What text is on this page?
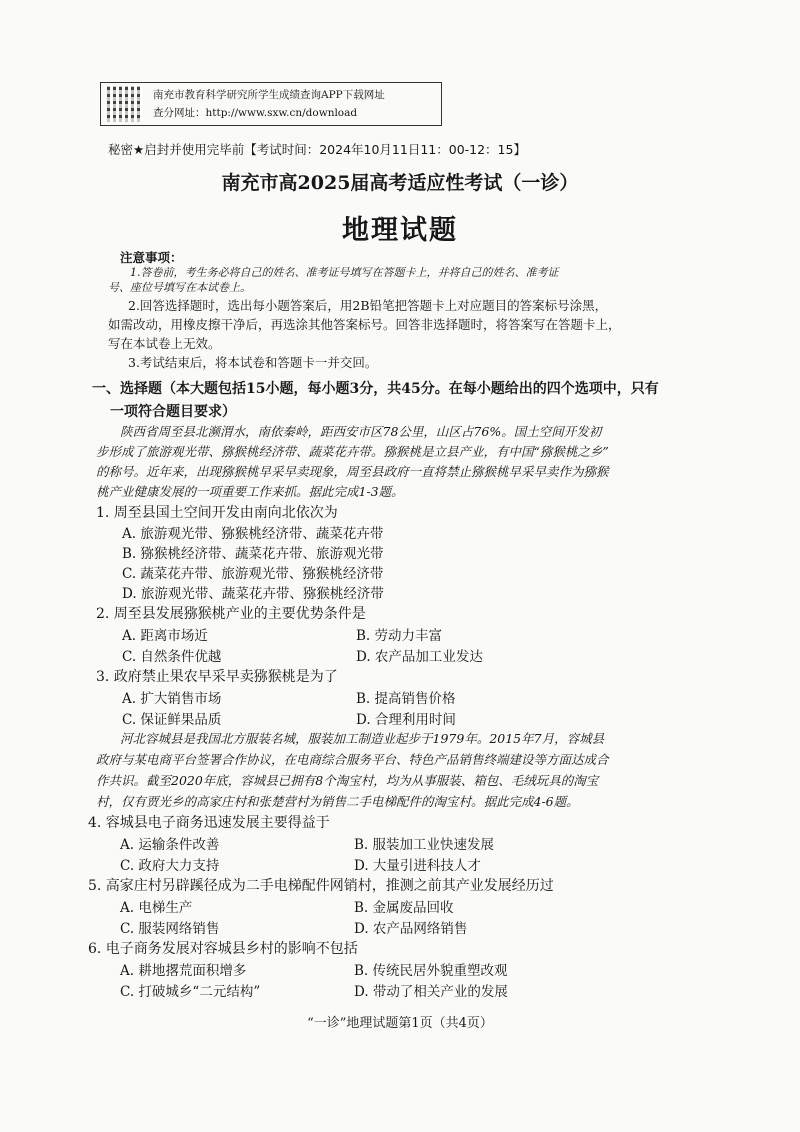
南充市教育科学研究所学生成绩查询APP下载网址
查分网址：http://www.sxw.cn/download
秘密★启封并使用完毕前【考试时间：2024年10月11日11：00-12：15】
南充市高2025届高考适应性考试（一诊）
地理试题
注意事项：
1.答卷前，考生务必将自己的姓名、准考证号填写在答题卡上，并将自己的姓名、准考证
号、座位号填写在本试卷上。
2.回答选择题时，选出每小题答案后，用2B铅笔把答题卡上对应题目的答案标号涂黑，
如需改动，用橡皮擦干净后，再选涂其他答案标号。回答非选择题时，将答案写在答题卡上，
写在本试卷上无效。
3.考试结束后，将本试卷和答题卡一并交回。
一、选择题（本大题包括15小题，每小题3分，共45分。在每小题给出的四个选项中，只有
一项符合题目要求）
陕西省周至县北濒渭水，南依秦岭，距西安市区78公里，山区占76%。国土空间开发初
步形成了旅游观光带、猕猴桃经济带、蔬菜花卉带。猕猴桃是立县产业，有中国“猕猴桃之乡”
的称号。近年来，出现猕猴桃早采早卖现象，周至县政府一直将禁止猕猴桃早采早卖作为猕猴
桃产业健康发展的一项重要工作来抓。据此完成1-3题。
1. 周至县国土空间开发由南向北依次为
A. 旅游观光带、猕猴桃经济带、蔬菜花卉带
B. 猕猴桃经济带、蔬菜花卉带、旅游观光带
C. 蔬菜花卉带、旅游观光带、猕猴桃经济带
D. 旅游观光带、蔬菜花卉带、猕猴桃经济带
2. 周至县发展猕猴桃产业的主要优势条件是
A. 距离市场近	B. 劳动力丰富
C. 自然条件优越	D. 农产品加工业发达
3. 政府禁止果农早采早卖猕猴桃是为了
A. 扩大销售市场	B. 提高销售价格
C. 保证鲜果品质	D. 合理利用时间
河北容城县是我国北方服装名城，服装加工制造业起步于1979年。2015年7月，容城县
政府与某电商平台签署合作协议，在电商综合服务平台、特色产品销售终端建设等方面达成合
作共识。截至2020年底，容城县已拥有8个淘宝村，均为从事服装、箱包、毛绒玩具的淘宝
村，仅有贾光乡的高家庄村和张楚营村为销售二手电梯配件的淘宝村。据此完成4-6题。
4. 容城县电子商务迅速发展主要得益于
A. 运输条件改善	B. 服装加工业快速发展
C. 政府大力支持	D. 大量引进科技人才
5. 高家庄村另辟蹊径成为二手电梯配件网销村，推测之前其产业发展经历过
A. 电梯生产	B. 金属废品回收
C. 服装网络销售	D. 农产品网络销售
6. 电子商务发展对容城县乡村的影响不包括
A. 耕地撂荒面积增多	B. 传统民居外貌重塑改观
C. 打破城乡“二元结构”	D. 带动了相关产业的发展
“一诊”地理试题第1页（共4页）
